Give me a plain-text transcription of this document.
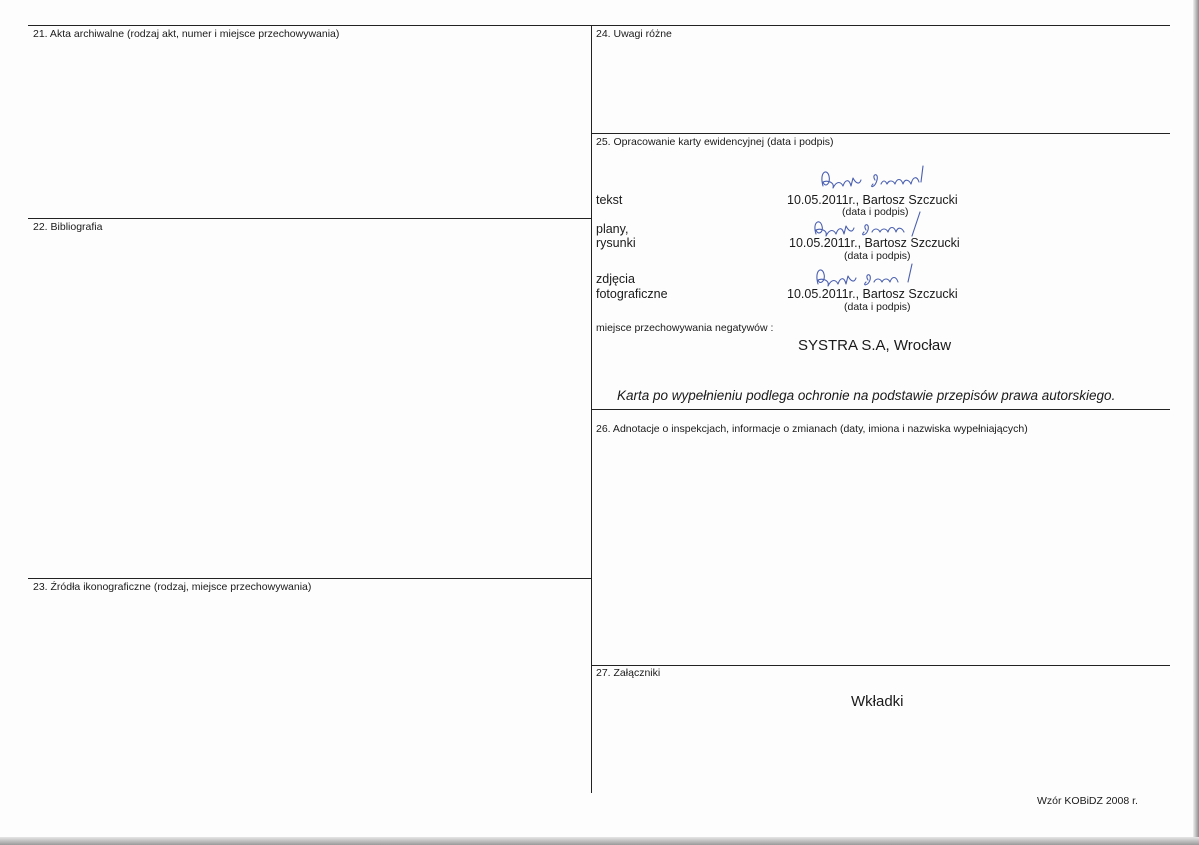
21. Akta archiwalne (rodzaj akt, numer i miejsce przechowywania)
22. Bibliografia
23. Źródła ikonograficzne (rodzaj, miejsce przechowywania)
24. Uwagi różne
25. Opracowanie karty ewidencyjnej (data i podpis)
tekst	10.05.2011r., Bartosz Szczucki
(data i podpis)
plany,
rysunki	10.05.2011r., Bartosz Szczucki
(data i podpis)
zdjęcia
fotograficzne	10.05.2011r., Bartosz Szczucki
(data i podpis)
miejsce przechowywania negatywów :
SYSTRA S.A, Wrocław
Karta po wypełnieniu podlega ochronie na podstawie przepisów prawa autorskiego.
26. Adnotacje o inspekcjach, informacje o zmianach (daty, imiona i nazwiska wypełniających)
27. Załączniki
Wkładki
Wzór KOBiDZ 2008 r.
